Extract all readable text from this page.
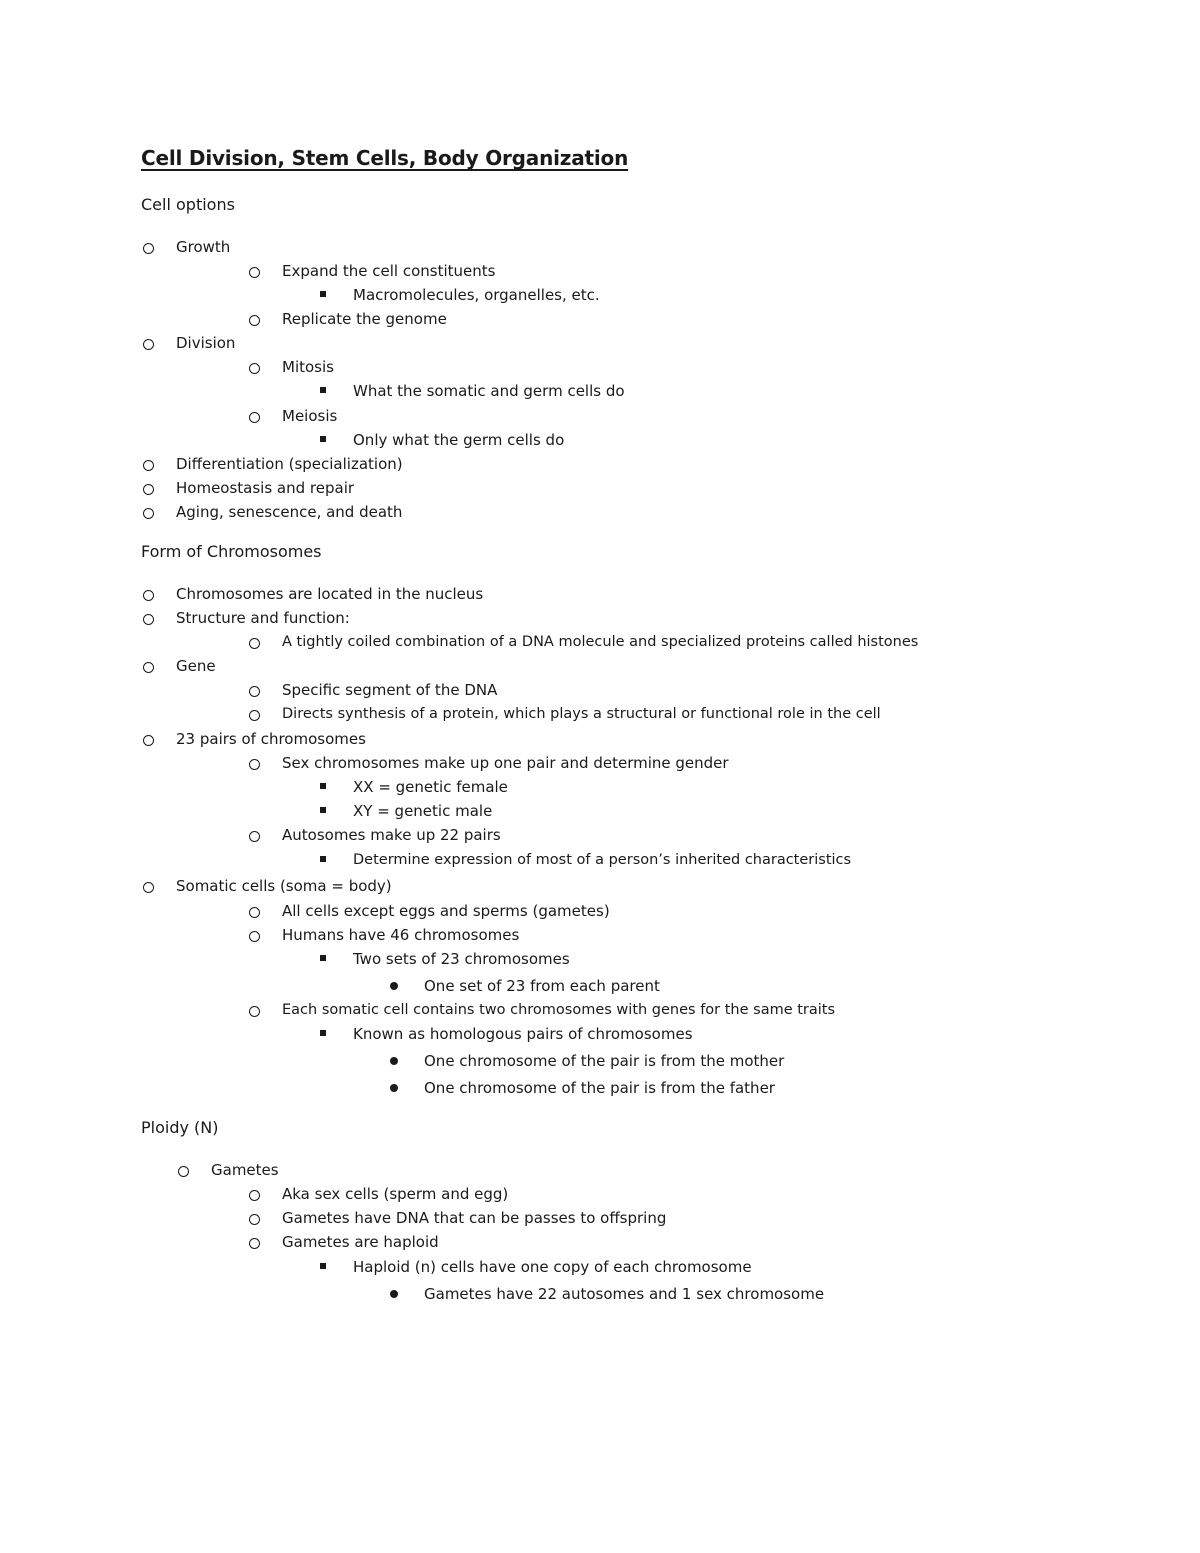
Cell Division, Stem Cells, Body Organization
Cell options
Growth
Expand the cell constituents
Macromolecules, organelles, etc.
Replicate the genome
Division
Mitosis
What the somatic and germ cells do
Meiosis
Only what the germ cells do
Differentiation (specialization)
Homeostasis and repair
Aging, senescence, and death
Form of Chromosomes
Chromosomes are located in the nucleus
Structure and function:
A tightly coiled combination of a DNA molecule and specialized proteins called histones
Gene
Specific segment of the DNA
Directs synthesis of a protein, which plays a structural or functional role in the cell
23 pairs of chromosomes
Sex chromosomes make up one pair and determine gender
XX = genetic female
XY = genetic male
Autosomes make up 22 pairs
Determine expression of most of a person’s inherited characteristics
Somatic cells (soma = body)
All cells except eggs and sperms (gametes)
Humans have 46 chromosomes
Two sets of 23 chromosomes
One set of 23 from each parent
Each somatic cell contains two chromosomes with genes for the same traits
Known as homologous pairs of chromosomes
One chromosome of the pair is from the mother
One chromosome of the pair is from the father
Ploidy (N)
Gametes
Aka sex cells (sperm and egg)
Gametes have DNA that can be passes to offspring
Gametes are haploid
Haploid (n) cells have one copy of each chromosome
Gametes have 22 autosomes and 1 sex chromosome
